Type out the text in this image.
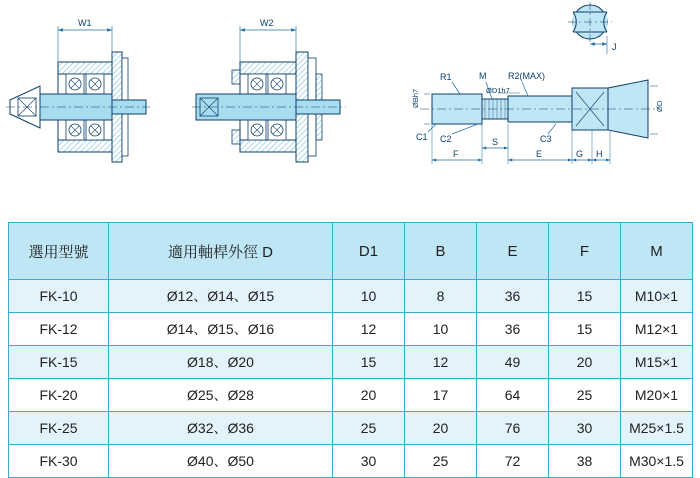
W1	W2
J
R1	M R2(MAX)
ØD1h7
ØBh7	ØD
C1 C2	C3
S
F	E	G H
選用型號	適用軸桿外徑 D	D1	B	E	F	M
FK-10	Ø12、Ø14、Ø15	10	8	36	15	M10×1
FK-12	Ø14、Ø15、Ø16	12	10	36	15	M12×1
FK-15	Ø18、Ø20	15	12	49	20	M15×1
FK-20	Ø25、Ø28	20	17	64	25	M20×1
FK-25	Ø32、Ø36	25	20	76	30	M25×1.5
FK-30	Ø40、Ø50	30	25	72	38	M30×1.5
